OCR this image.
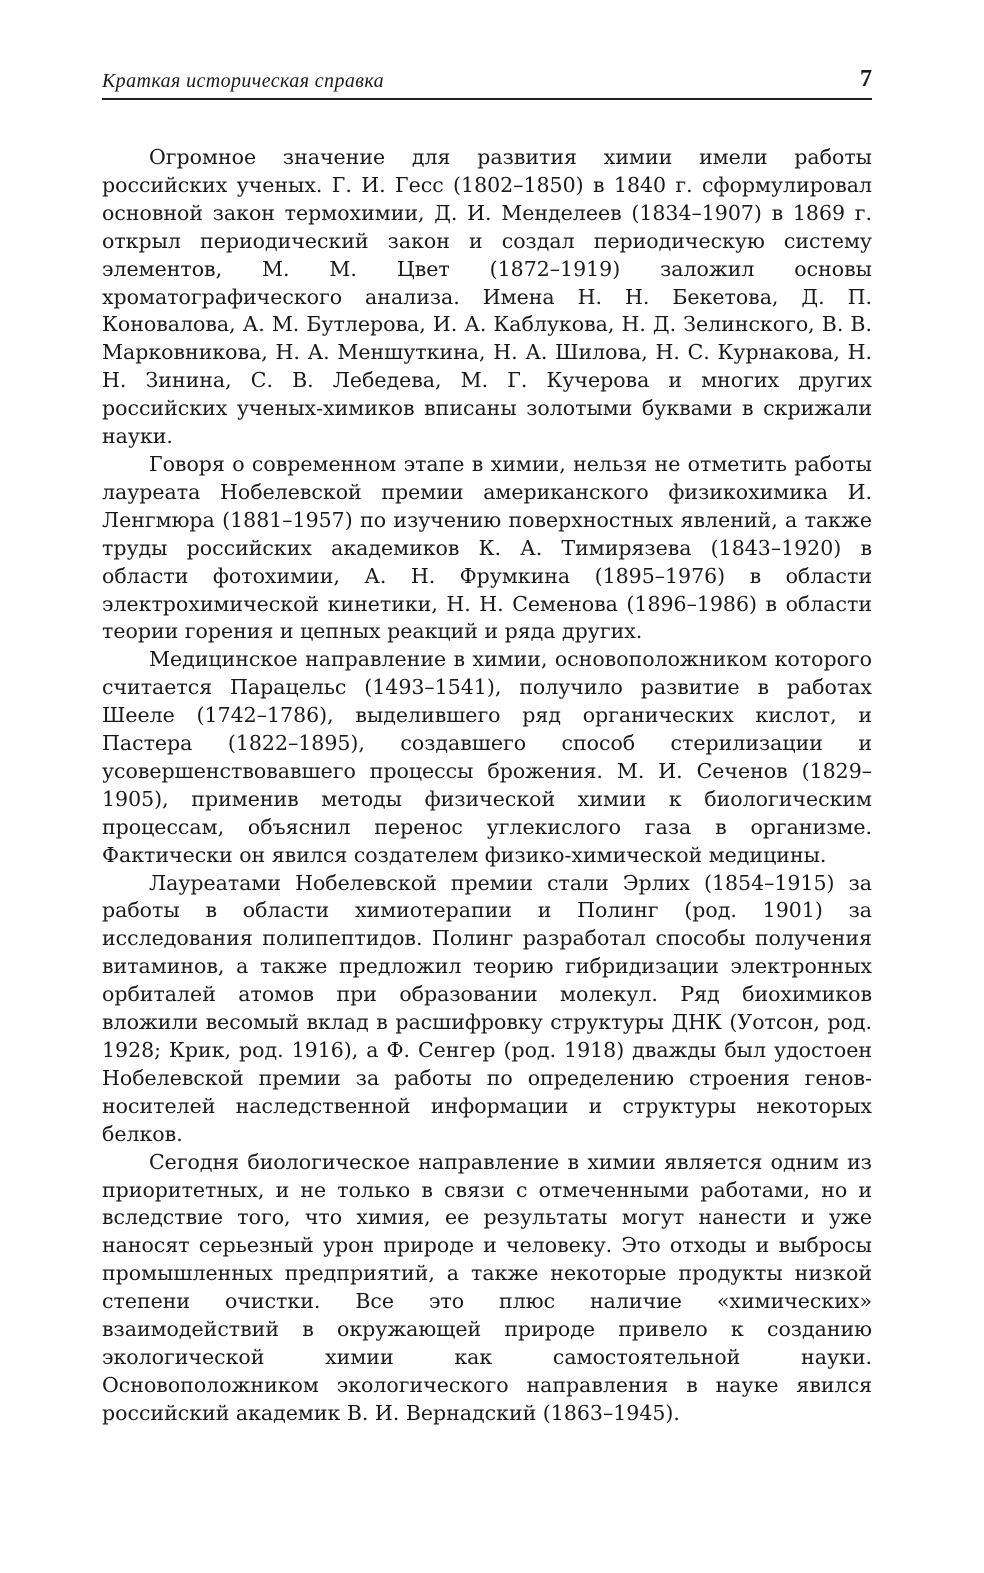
Краткая историческая справка	7

Огромное значение для развития химии имели работы российских ученых. Г. И. Гесс (1802–1850) в 1840 г. сформулировал основной закон термохимии, Д. И. Менделеев (1834–1907) в 1869 г. открыл периодический закон и создал периодическую систему элементов, М. М. Цвет (1872–1919) заложил основы хроматографического анализа. Имена Н. Н. Бекетова, Д. П. Коновалова, А. М. Бутлерова, И. А. Каблукова, Н. Д. Зелинского, В. В. Марковникова, Н. А. Меншуткина, Н. А. Шилова, Н. С. Курнакова, Н. Н. Зинина, С. В. Лебедева, М. Г. Кучерова и многих других российских ученых-химиков вписаны золотыми буквами в скрижали науки.

Говоря о современном этапе в химии, нельзя не отметить работы лауреата Нобелевской премии американского физикохимика И. Ленгмюра (1881–1957) по изучению поверхностных явлений, а также труды российских академиков К. А. Тимирязева (1843–1920) в области фотохимии, А. Н. Фрумкина (1895–1976) в области электрохимической кинетики, Н. Н. Семенова (1896–1986) в области теории горения и цепных реакций и ряда других.

Медицинское направление в химии, основоположником которого считается Парацельс (1493–1541), получило развитие в работах Шееле (1742–1786), выделившего ряд органических кислот, и Пастера (1822–1895), создавшего способ стерилизации и усовершенствовавшего процессы брожения. М. И. Сеченов (1829–1905), применив методы физической химии к биологическим процессам, объяснил перенос углекислого газа в организме. Фактически он явился создателем физико-химической медицины.

Лауреатами Нобелевской премии стали Эрлих (1854–1915) за работы в области химиотерапии и Полинг (род. 1901) за исследования полипептидов. Полинг разработал способы получения витаминов, а также предложил теорию гибридизации электронных орбиталей атомов при образовании молекул. Ряд биохимиков вложили весомый вклад в расшифровку структуры ДНК (Уотсон, род. 1928; Крик, род. 1916), а Ф. Сенгер (род. 1918) дважды был удостоен Нобелевской премии за работы по определению строения генов-носителей наследственной информации и структуры некоторых белков.

Сегодня биологическое направление в химии является одним из приоритетных, и не только в связи с отмеченными работами, но и вследствие того, что химия, ее результаты могут нанести и уже наносят серьезный урон природе и человеку. Это отходы и выбросы промышленных предприятий, а также некоторые продукты низкой степени очистки. Все это плюс наличие «химических» взаимодействий в окружающей природе привело к созданию экологической химии как самостоятельной науки. Основоположником экологического направления в науке явился российский академик В. И. Вернадский (1863–1945).
